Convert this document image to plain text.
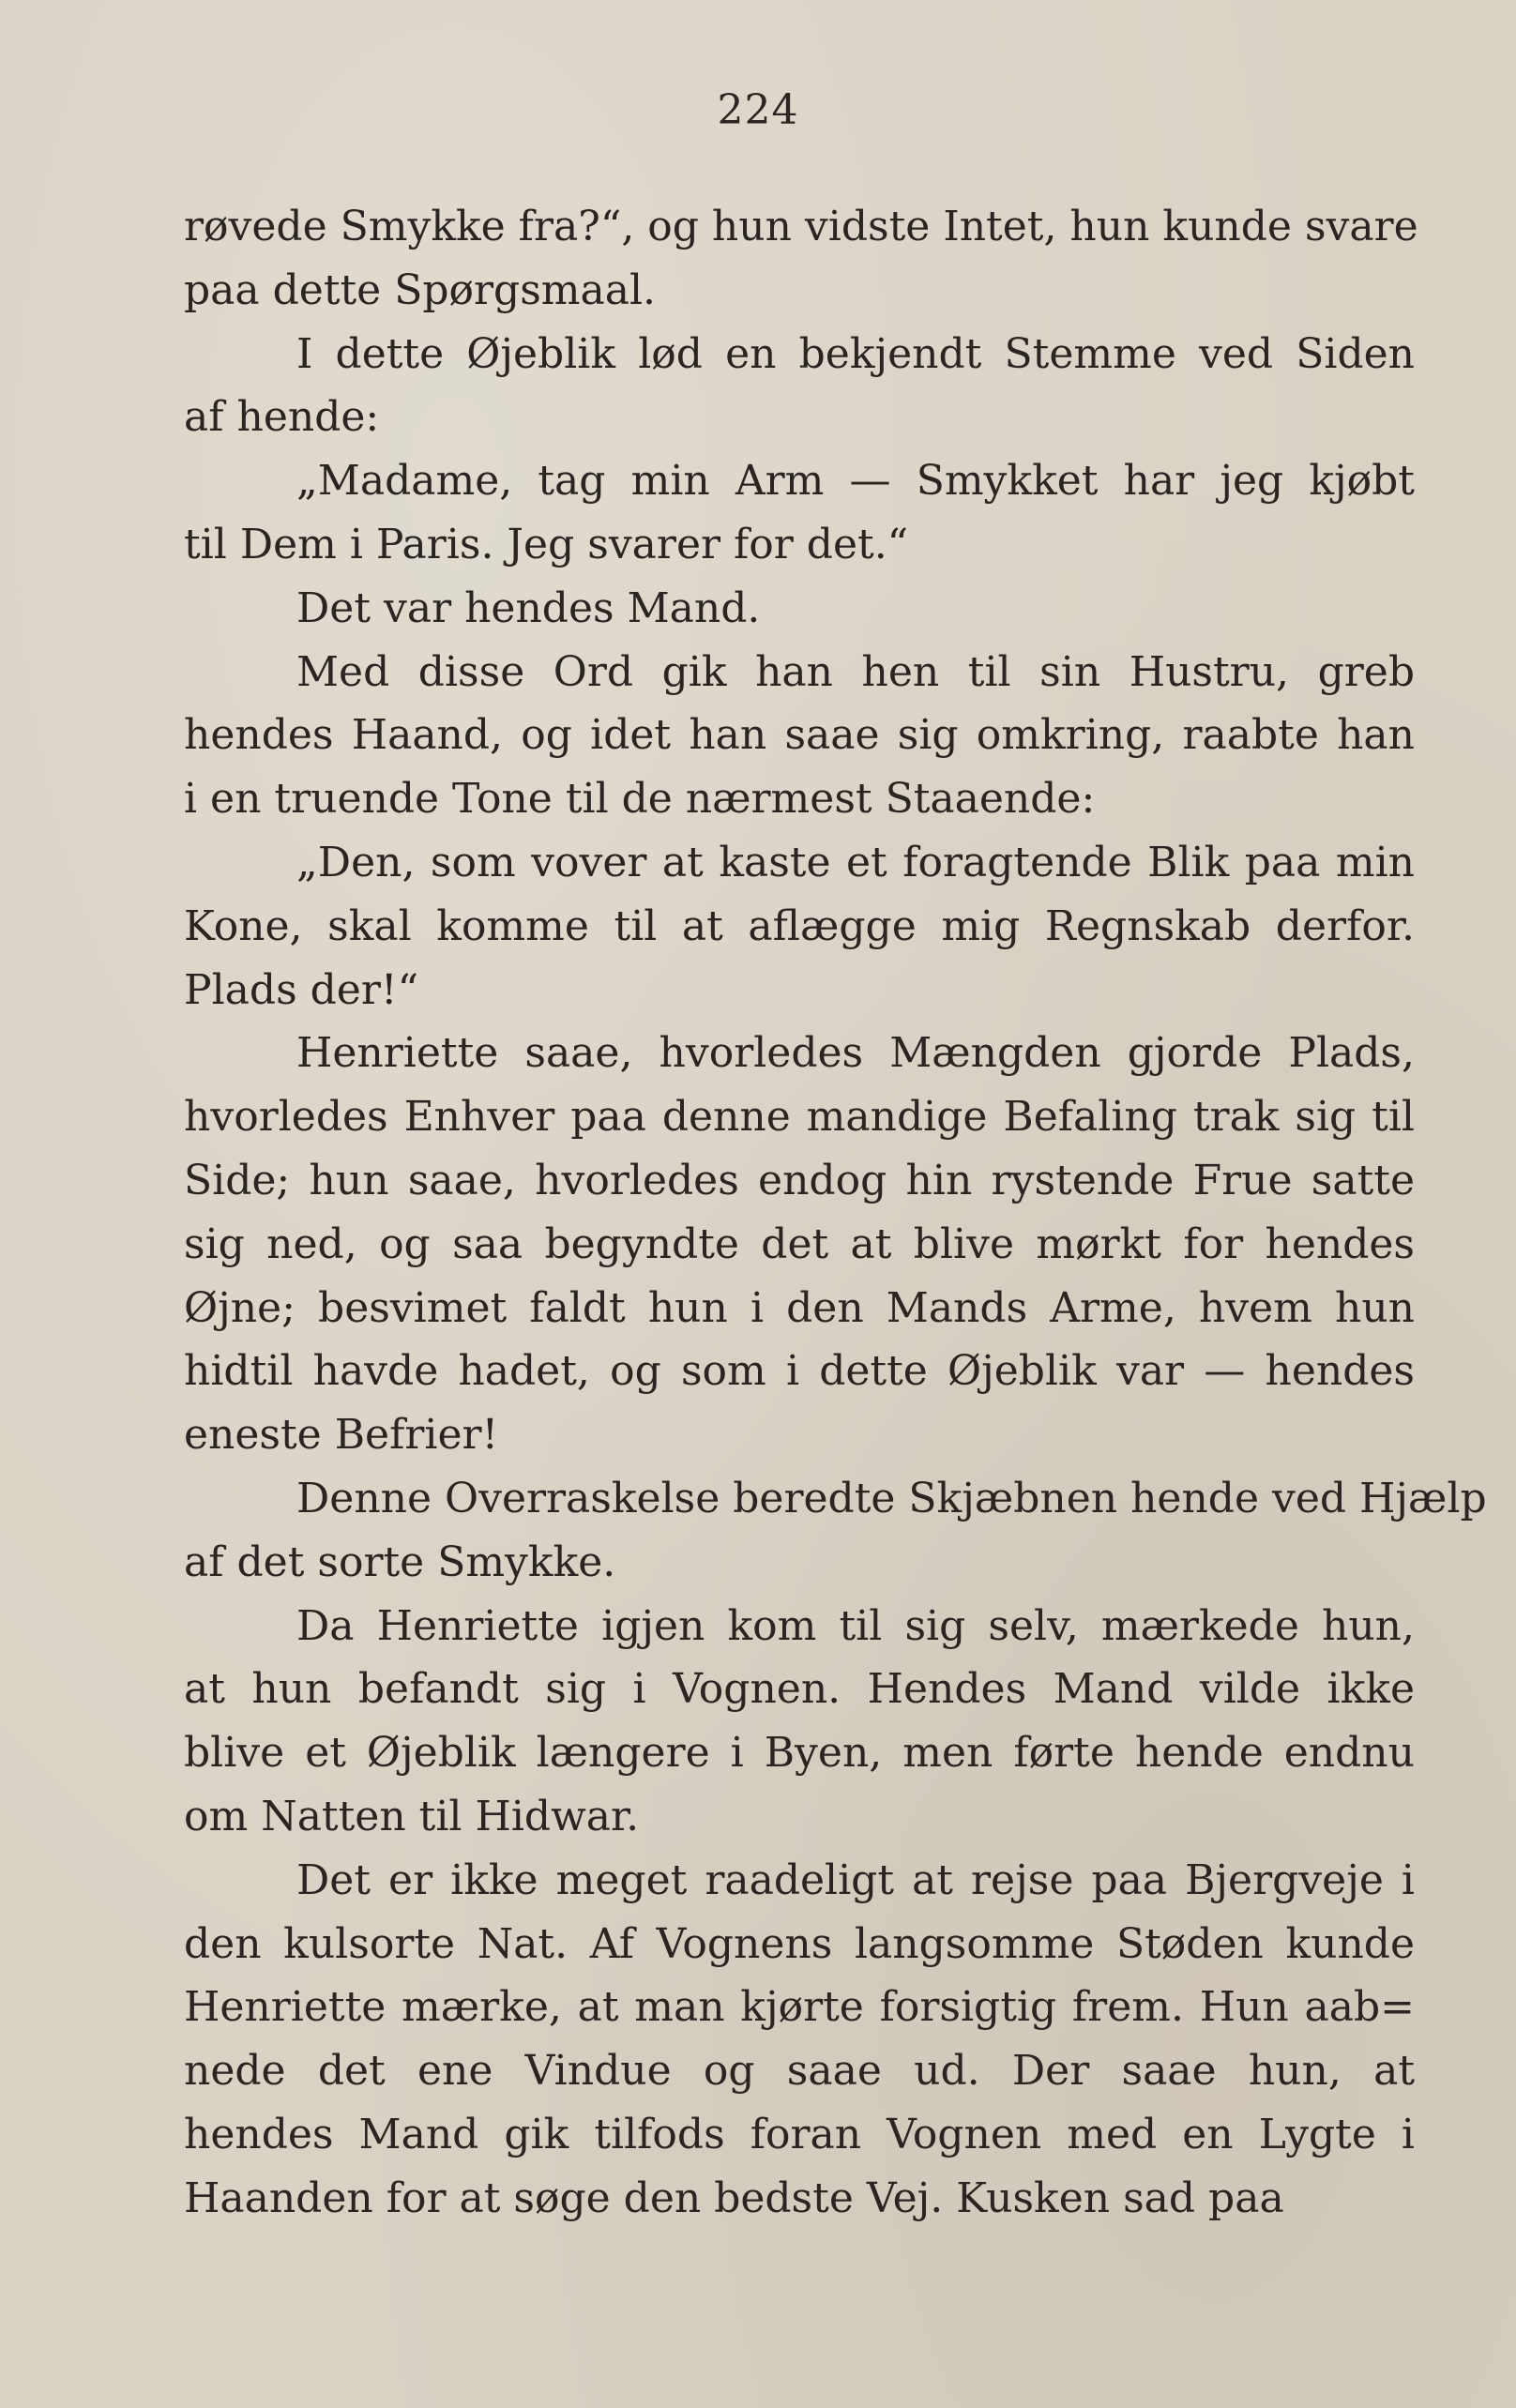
224
røvede Smykke fra?“, og hun vidste Intet, hun kunde svare
paa dette Spørgsmaal.
I dette Øjeblik lød en bekjendt Stemme ved Siden
af hende:
„Madame, tag min Arm — Smykket har jeg kjøbt
til Dem i Paris. Jeg svarer for det.“
Det var hendes Mand.
Med disse Ord gik han hen til sin Hustru, greb
hendes Haand, og idet han saae sig omkring, raabte han
i en truende Tone til de nærmest Staaende:
„Den, som vover at kaste et foragtende Blik paa min
Kone, skal komme til at aflægge mig Regnskab derfor.
Plads der!“
Henriette saae, hvorledes Mængden gjorde Plads,
hvorledes Enhver paa denne mandige Befaling trak sig til
Side; hun saae, hvorledes endog hin rystende Frue satte
sig ned, og saa begyndte det at blive mørkt for hendes
Øjne; besvimet faldt hun i den Mands Arme, hvem hun
hidtil havde hadet, og som i dette Øjeblik var — hendes
eneste Befrier!
Denne Overraskelse beredte Skjæbnen hende ved Hjælp
af det sorte Smykke.
Da Henriette igjen kom til sig selv, mærkede hun,
at hun befandt sig i Vognen. Hendes Mand vilde ikke
blive et Øjeblik længere i Byen, men førte hende endnu
om Natten til Hidwar.
Det er ikke meget raadeligt at rejse paa Bjergveje i
den kulsorte Nat. Af Vognens langsomme Støden kunde
Henriette mærke, at man kjørte forsigtig frem. Hun aab=
nede det ene Vindue og saae ud. Der saae hun, at
hendes Mand gik tilfods foran Vognen med en Lygte i
Haanden for at søge den bedste Vej. Kusken sad paa
